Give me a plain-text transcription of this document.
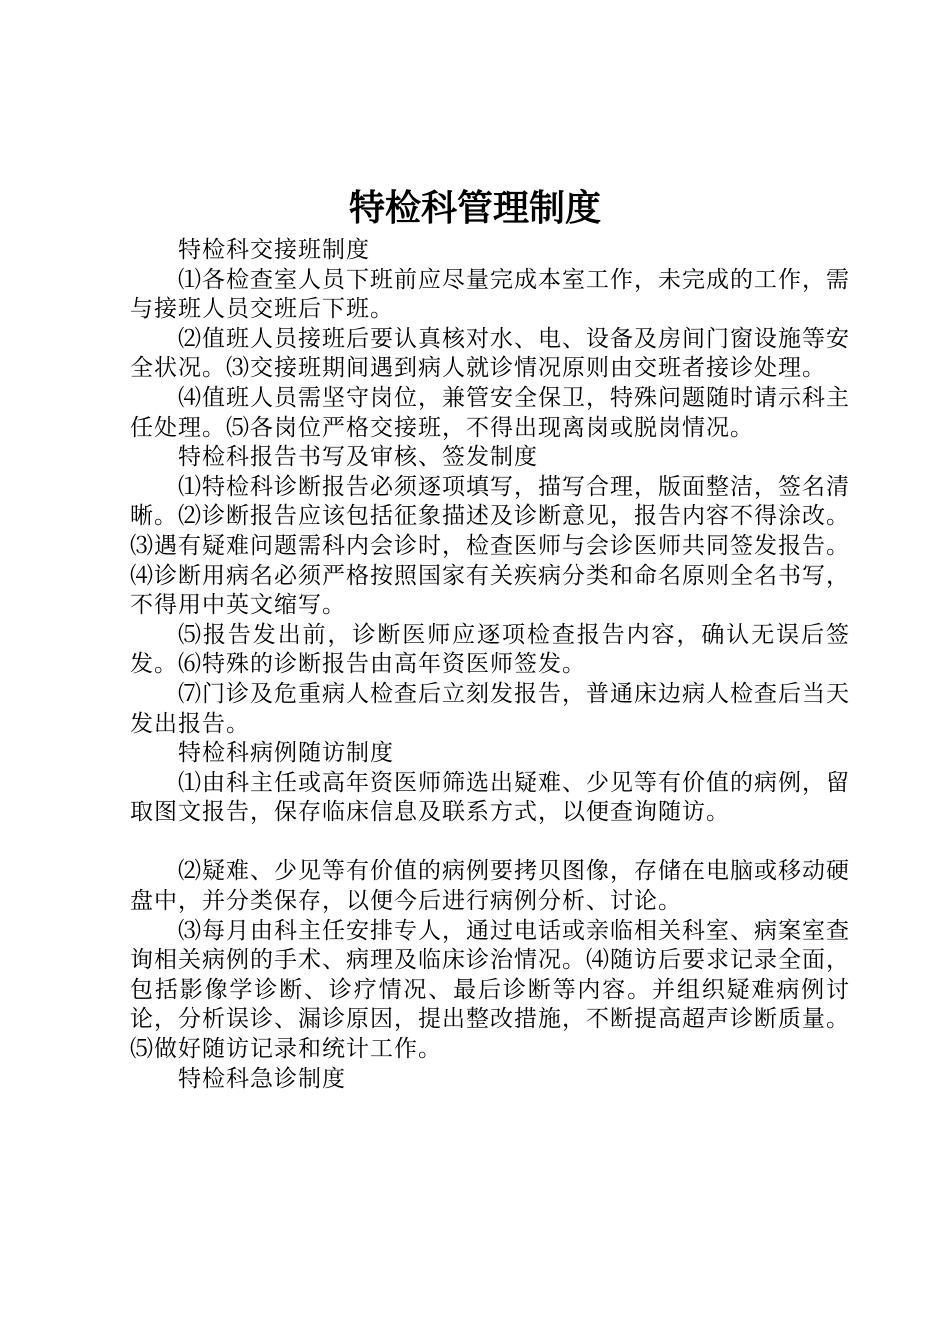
特检科管理制度

特检科交接班制度

⑴各检查室人员下班前应尽量完成本室工作，未完成的工作，需与接班人员交班后下班。

⑵值班人员接班后要认真核对水、电、设备及房间门窗设施等安全状况。⑶交接班期间遇到病人就诊情况原则由交班者接诊处理。

⑷值班人员需坚守岗位，兼管安全保卫，特殊问题随时请示科主任处理。⑸各岗位严格交接班，不得出现离岗或脱岗情况。

特检科报告书写及审核、签发制度

⑴特检科诊断报告必须逐项填写，描写合理，版面整洁，签名清晰。⑵诊断报告应该包括征象描述及诊断意见，报告内容不得涂改。⑶遇有疑难问题需科内会诊时，检查医师与会诊医师共同签发报告。⑷诊断用病名必须严格按照国家有关疾病分类和命名原则全名书写，不得用中英文缩写。

⑸报告发出前，诊断医师应逐项检查报告内容，确认无误后签发。⑹特殊的诊断报告由高年资医师签发。

⑺门诊及危重病人检查后立刻发报告，普通床边病人检查后当天发出报告。

特检科病例随访制度

⑴由科主任或高年资医师筛选出疑难、少见等有价值的病例，留取图文报告，保存临床信息及联系方式，以便查询随访。

⑵疑难、少见等有价值的病例要拷贝图像，存储在电脑或移动硬盘中，并分类保存，以便今后进行病例分析、讨论。

⑶每月由科主任安排专人，通过电话或亲临相关科室、病案室查询相关病例的手术、病理及临床诊治情况。⑷随访后要求记录全面，包括影像学诊断、诊疗情况、最后诊断等内容。并组织疑难病例讨论，分析误诊、漏诊原因，提出整改措施，不断提高超声诊断质量。⑸做好随访记录和统计工作。

特检科急诊制度
